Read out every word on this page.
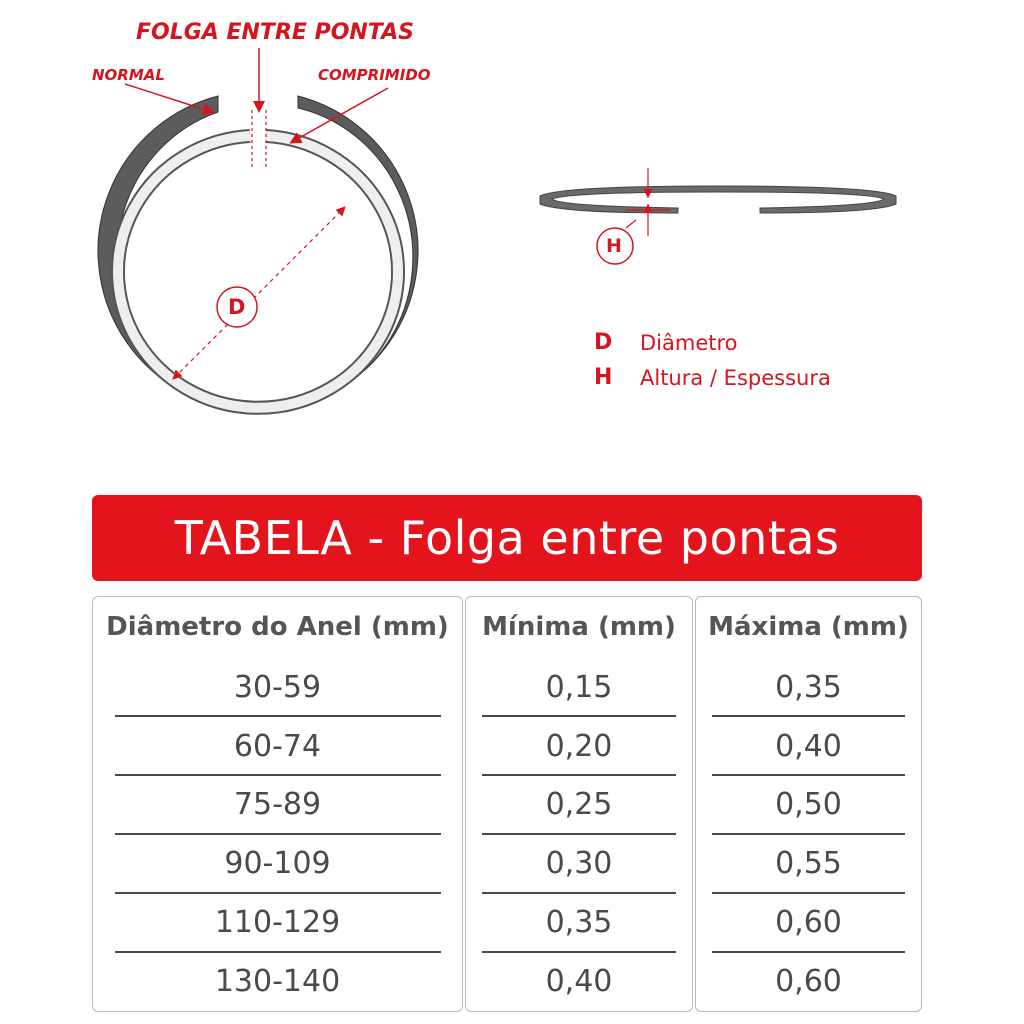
FOLGA ENTRE PONTAS
NORMAL	COMPRIMIDO
D
H
D Diâmetro
H Altura / Espessura
TABELA - Folga entre pontas
Diâmetro do Anel (mm)	Mínima (mm)	Máxima (mm)
30-59	0,15	0,35
60-74	0,20	0,40
75-89	0,25	0,50
90-109	0,30	0,55
110-129	0,35	0,60
130-140	0,40	0,60
